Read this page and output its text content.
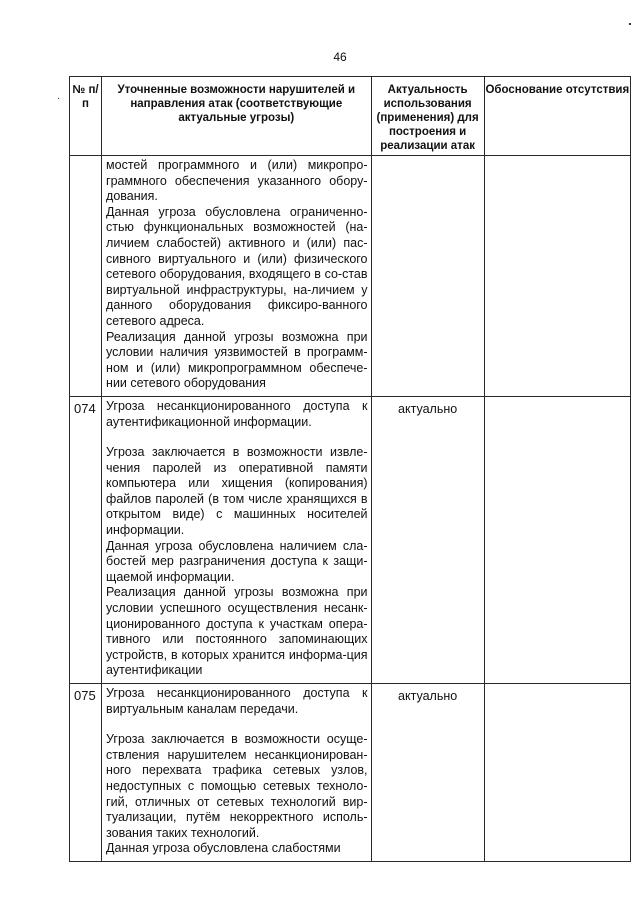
46
·
№ п/п	Уточненные возможности нарушителей и направления атак (соответствующие актуальные угрозы)	Актуальность использования (применения) для построения и реализации атак	Обоснование отсутствия

	мостей программного и (или) микропро-граммного обеспечения указанного обору-дования.

Данная угроза обусловлена ограниченно-стью функциональных возможностей (на-личием слабостей) активного и (или) пас-сивного виртуального и (или) физического сетевого оборудования, входящего в со-став виртуальной инфраструктуры, на-личием у данного оборудования фиксиро-ванного сетевого адреса.

Реализация данной угрозы возможна при условии наличия уязвимостей в программ-ном и (или) микропрограммном обеспече-нии сетевого оборудования		

074	Угроза несанкционированного доступа к аутентификационной информации.

Угроза заключается в возможности извле-чения паролей из оперативной памяти компьютера или хищения (копирования) файлов паролей (в том числе хранящихся в открытом виде) с машинных носителей информации.

Данная угроза обусловлена наличием сла-бостей мер разграничения доступа к защи-щаемой информации.

Реализация данной угрозы возможна при условии успешного осуществления несанк-ционированного доступа к участкам опера-тивного или постоянного запоминающих устройств, в которых хранится информа-ция аутентификации	актуально	
075	Угроза несанкционированного доступа к виртуальным каналам передачи.

Угроза заключается в возможности осуще-ствления нарушителем несанкционирован-ного перехвата трафика сетевых узлов, недоступных с помощью сетевых техноло-гий, отличных от сетевых технологий вир-туализации, путём некорректного исполь-зования таких технологий.

Данная угроза обусловлена слабостями	актуально	
